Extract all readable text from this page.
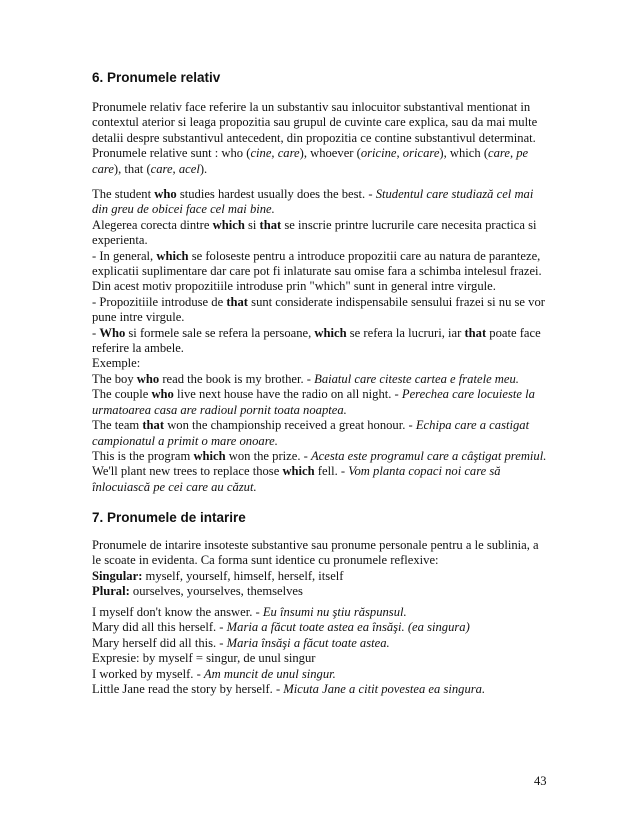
6. Pronumele relativ

Pronumele relativ face referire la un substantiv sau inlocuitor substantival mentionat in contextul aterior si leaga propozitia sau grupul de cuvinte care explica, sau da mai multe detalii despre substantivul antecedent, din propozitia ce contine substantivul determinat. Pronumele relative sunt : who (cine, care), whoever (oricine, oricare), which (care, pe care), that (care, acel).

The student who studies hardest usually does the best. - Studentul care studiază cel mai din greu de obicei face cel mai bine.

Alegerea corecta dintre which si that se inscrie printre lucrurile care necesita practica si experienta.

- In general, which se foloseste pentru a introduce propozitii care au natura de paranteze, explicatii suplimentare dar care pot fi inlaturate sau omise fara a schimba intelesul frazei. Din acest motiv propozitiile introduse prin "which" sunt in general intre virgule.

- Propozitiile introduse de that sunt considerate indispensabile sensului frazei si nu se vor pune intre virgule.

- Who si formele sale se refera la persoane, which se refera la lucruri, iar that poate face referire la ambele.

Exemple:

The boy who read the book is my brother. - Baiatul care citeste cartea e fratele meu.

The couple who live next house have the radio on all night. - Perechea care locuieste la urmatoarea casa are radioul pornit toata noaptea.

The team that won the championship received a great honour. - Echipa care a castigat campionatul a primit o mare onoare.

This is the program which won the prize. - Acesta este programul care a câştigat premiul.

We'll plant new trees to replace those which fell. - Vom planta copaci noi care să înlocuiască pe cei care au căzut.

7. Pronumele de intarire

Pronumele de intarire insoteste substantive sau pronume personale pentru a le sublinia, a le scoate in evidenta. Ca forma sunt identice cu pronumele reflexive:

Singular: myself, yourself, himself, herself, itself

Plural: ourselves, yourselves, themselves

I myself don't know the answer. - Eu însumi nu ştiu răspunsul.

Mary did all this herself. - Maria a făcut toate astea ea însăşi. (ea singura)

Mary herself did all this. - Maria însăşi a făcut toate astea.

Expresie: by myself = singur, de unul singur

I worked by myself. - Am muncit de unul singur.

Little Jane read the story by herself. - Micuta Jane a citit povestea ea singura.

43
